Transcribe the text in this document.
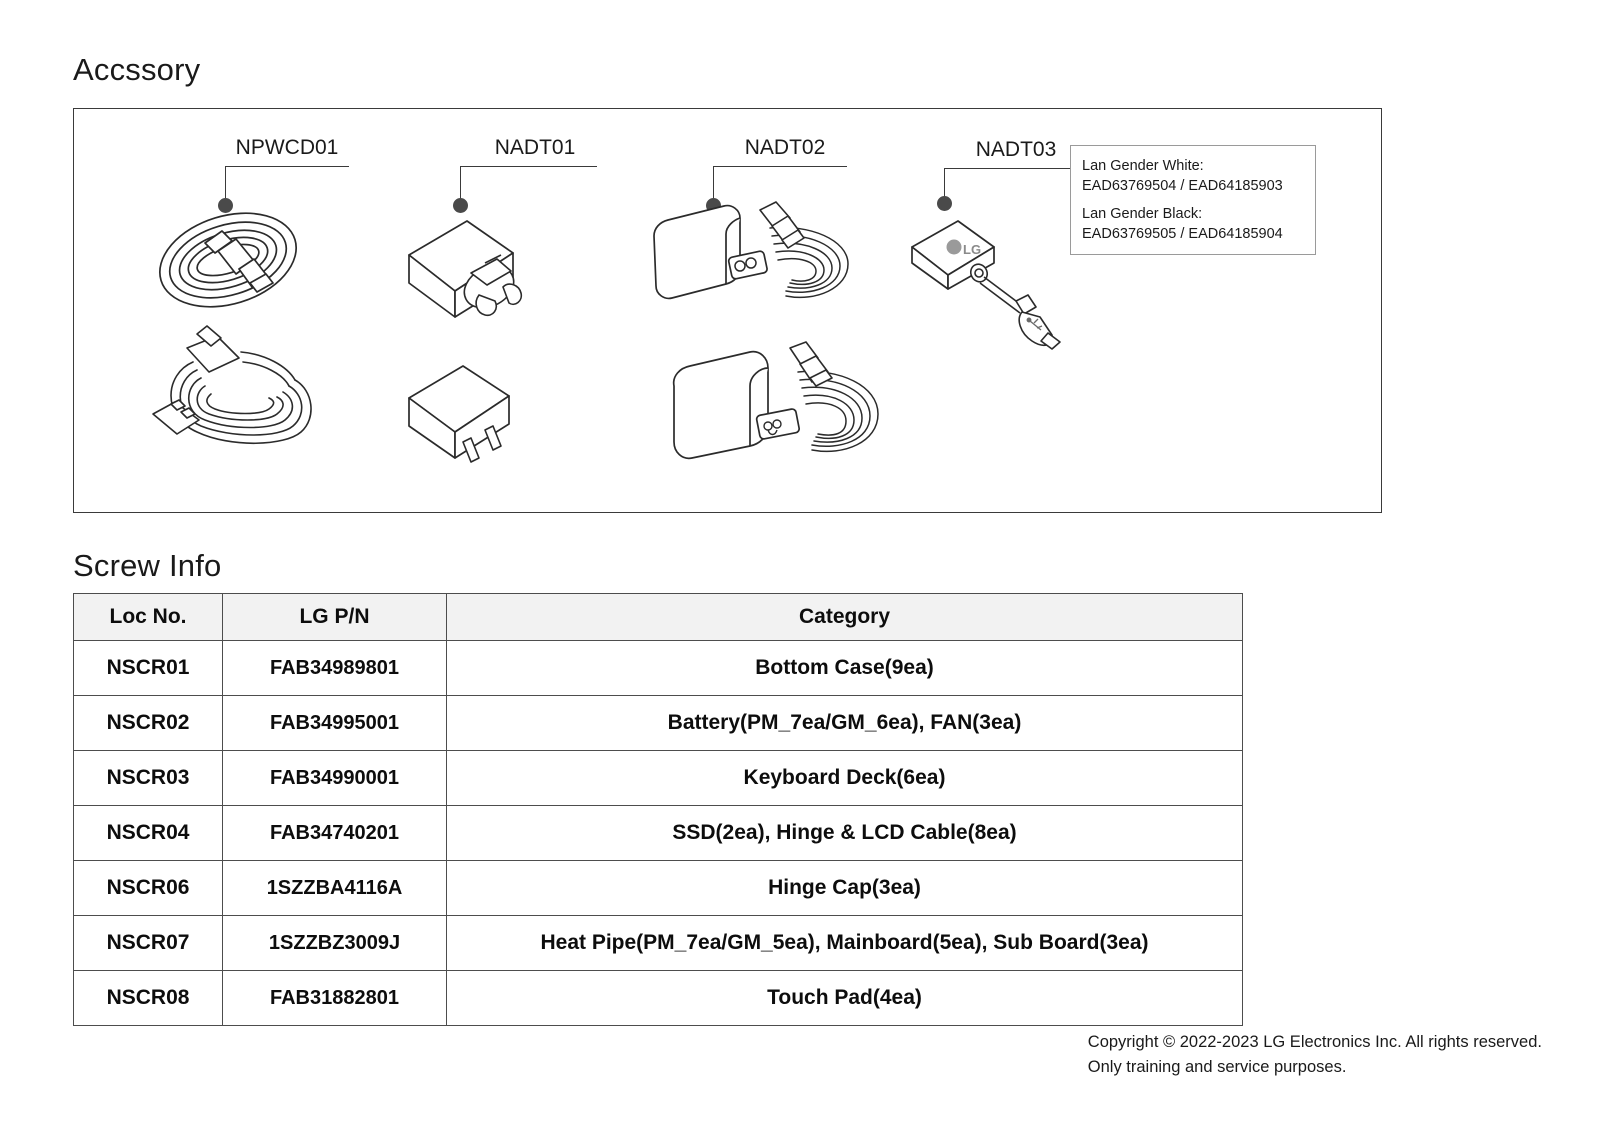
Accssory
NPWCD01	NADT01	NADT02	NADT03
Lan Gender White:
EAD63769504 / EAD64185903
Lan Gender Black:
EAD63769505 / EAD64185904
LG
Screw Info
Loc No.	LG P/N	Category
NSCR01	FAB34989801	Bottom Case(9ea)
NSCR02	FAB34995001	Battery(PM_7ea/GM_6ea), FAN(3ea)
NSCR03	FAB34990001	Keyboard Deck(6ea)
NSCR04	FAB34740201	SSD(2ea), Hinge & LCD Cable(8ea)
NSCR06	1SZZBA4116A	Hinge Cap(3ea)
NSCR07	1SZZBZ3009J	Heat Pipe(PM_7ea/GM_5ea), Mainboard(5ea), Sub Board(3ea)
NSCR08	FAB31882801	Touch Pad(4ea)
Copyright © 2022-2023 LG Electronics Inc. All rights reserved.
Only training and service purposes.
